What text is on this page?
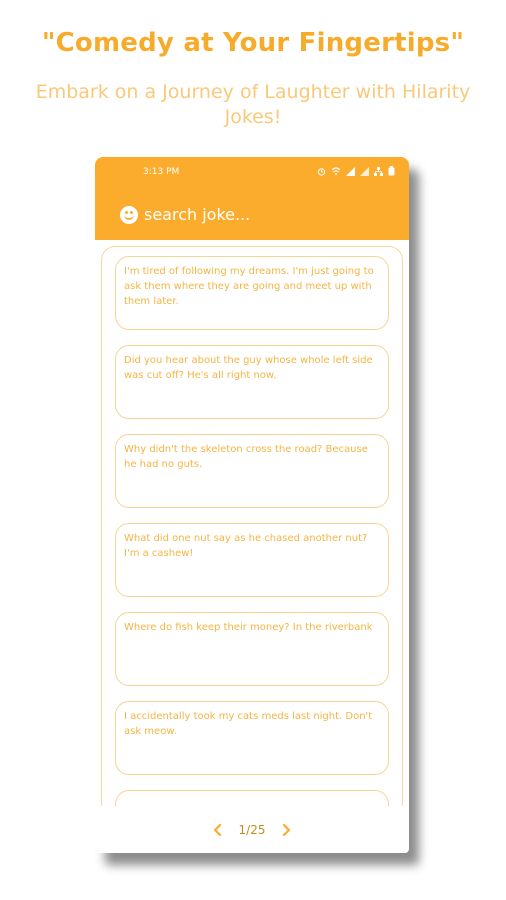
"Comedy at Your Fingertips"
Embark on a Journey of Laughter with Hilarity Jokes!
3:13 PM
search joke...
I'm tired of following my dreams. I'm just going to ask them where they are going and meet up with them later.
Did you hear about the guy whose whole left side was cut off? He's all right now.
Why didn't the skeleton cross the road? Because he had no guts.
What did one nut say as he chased another nut? I'm a cashew!
Where do fish keep their money? In the riverbank
I accidentally took my cats meds last night. Don't ask meow.
1/25
